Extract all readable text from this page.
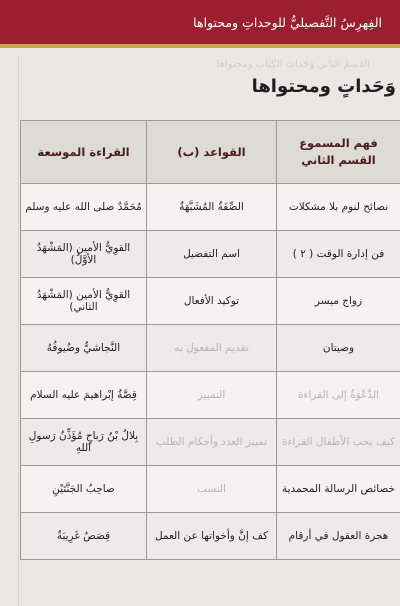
الفِهرِسُ التَّفصيليُّ للوحداتِ ومحتواها
القسمُ الثاني وَحَدات الكِتابِ ومحتواها
وَحَداتٍ ومحتواها
فهم المسموع القسم الثاني	القواعد (ب)	القراءة الموسعة
نصائح لنوم بلا مشكلات	الصِّفَةُ المُشَبَّهَةُ	مُحَمَّدٌ صلى الله عليه وسلم
فن إدارة الوقت ( ٢ )	اسم التفضيل	القوِيُّ الأمين (المَشْهَدُ الأوَّلُ)
زواج ميسر	توكيد الأفعال	القوِيُّ الأمين (المَشْهَدُ الثاني)
وصيتان	تقديم المفعول به	النَّجاشيُّ وضُيوفُهُ
الدَّعْوَةُ إلى القراءة	التمييز	قِصَّةُ إبْراهيمَ عليه السلام
كيف يحب الأطفال القراءة	تمييز العدد وأحكام الطلب	بِلالُ بْنُ رَباحٍ مُؤَذِّنُ رَسولِ اللهِ
خصائص الرسالة المحمدية	النسب	صاحِبُ الجَنَّتَيْنِ
هجرة العقول في أرقام	كف إنَّ وأخواتها عن العمل	قِصَصٌ غَرِيبَةٌ
